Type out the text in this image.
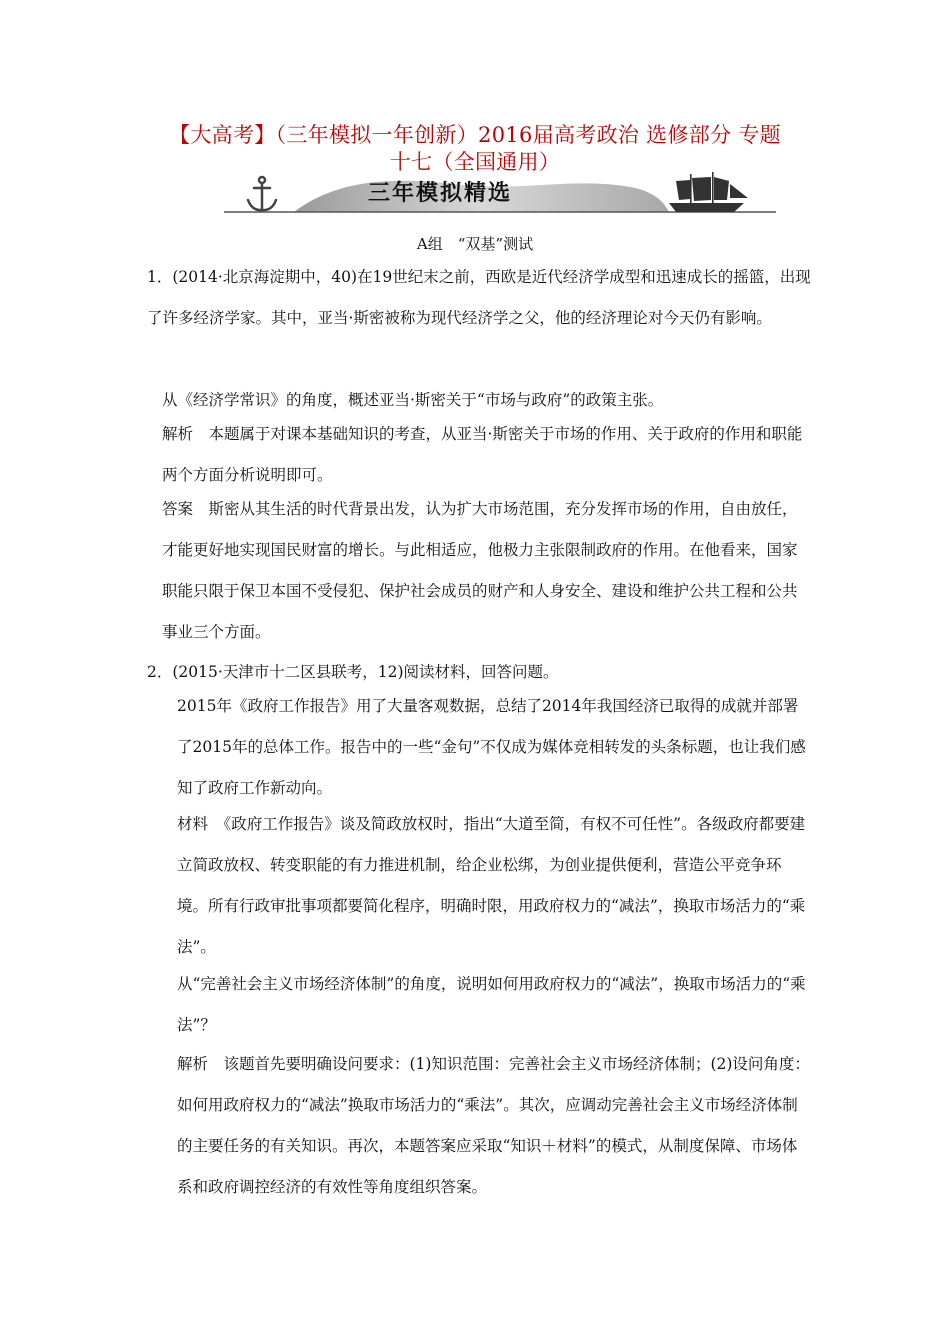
【大高考】（三年模拟一年创新）2016届高考政治 选修部分 专题
十七（全国通用）
三年模拟精选
A组　“双基”测试

1．(2014·北京海淀期中，40)在19世纪末之前，西欧是近代经济学成型和迅速成长的摇篮，出现了许多经济学家。其中，亚当·斯密被称为现代经济学之父，他的经济理论对今天仍有影响。

从《经济学常识》的角度，概述亚当·斯密关于“市场与政府”的政策主张。

解析　本题属于对课本基础知识的考查，从亚当·斯密关于市场的作用、关于政府的作用和职能两个方面分析说明即可。

答案　斯密从其生活的时代背景出发，认为扩大市场范围，充分发挥市场的作用，自由放任，才能更好地实现国民财富的增长。与此相适应，他极力主张限制政府的作用。在他看来，国家职能只限于保卫本国不受侵犯、保护社会成员的财产和人身安全、建设和维护公共工程和公共事业三个方面。

2．(2015·天津市十二区县联考，12)阅读材料，回答问题。

2015年《政府工作报告》用了大量客观数据，总结了2014年我国经济已取得的成就并部署了2015年的总体工作。报告中的一些“金句”不仅成为媒体竞相转发的头条标题，也让我们感知了政府工作新动向。

材料　《政府工作报告》谈及简政放权时，指出“大道至简，有权不可任性”。各级政府都要建立简政放权、转变职能的有力推进机制，给企业松绑，为创业提供便利，营造公平竞争环境。所有行政审批事项都要简化程序，明确时限，用政府权力的“减法”，换取市场活力的“乘法”。

从“完善社会主义市场经济体制”的角度，说明如何用政府权力的“减法”，换取市场活力的“乘法”？

解析　该题首先要明确设问要求：(1)知识范围：完善社会主义市场经济体制；(2)设问角度：如何用政府权力的“减法”换取市场活力的“乘法”。其次，应调动完善社会主义市场经济体制的主要任务的有关知识。再次，本题答案应采取“知识＋材料”的模式，从制度保障、市场体系和政府调控经济的有效性等角度组织答案。
